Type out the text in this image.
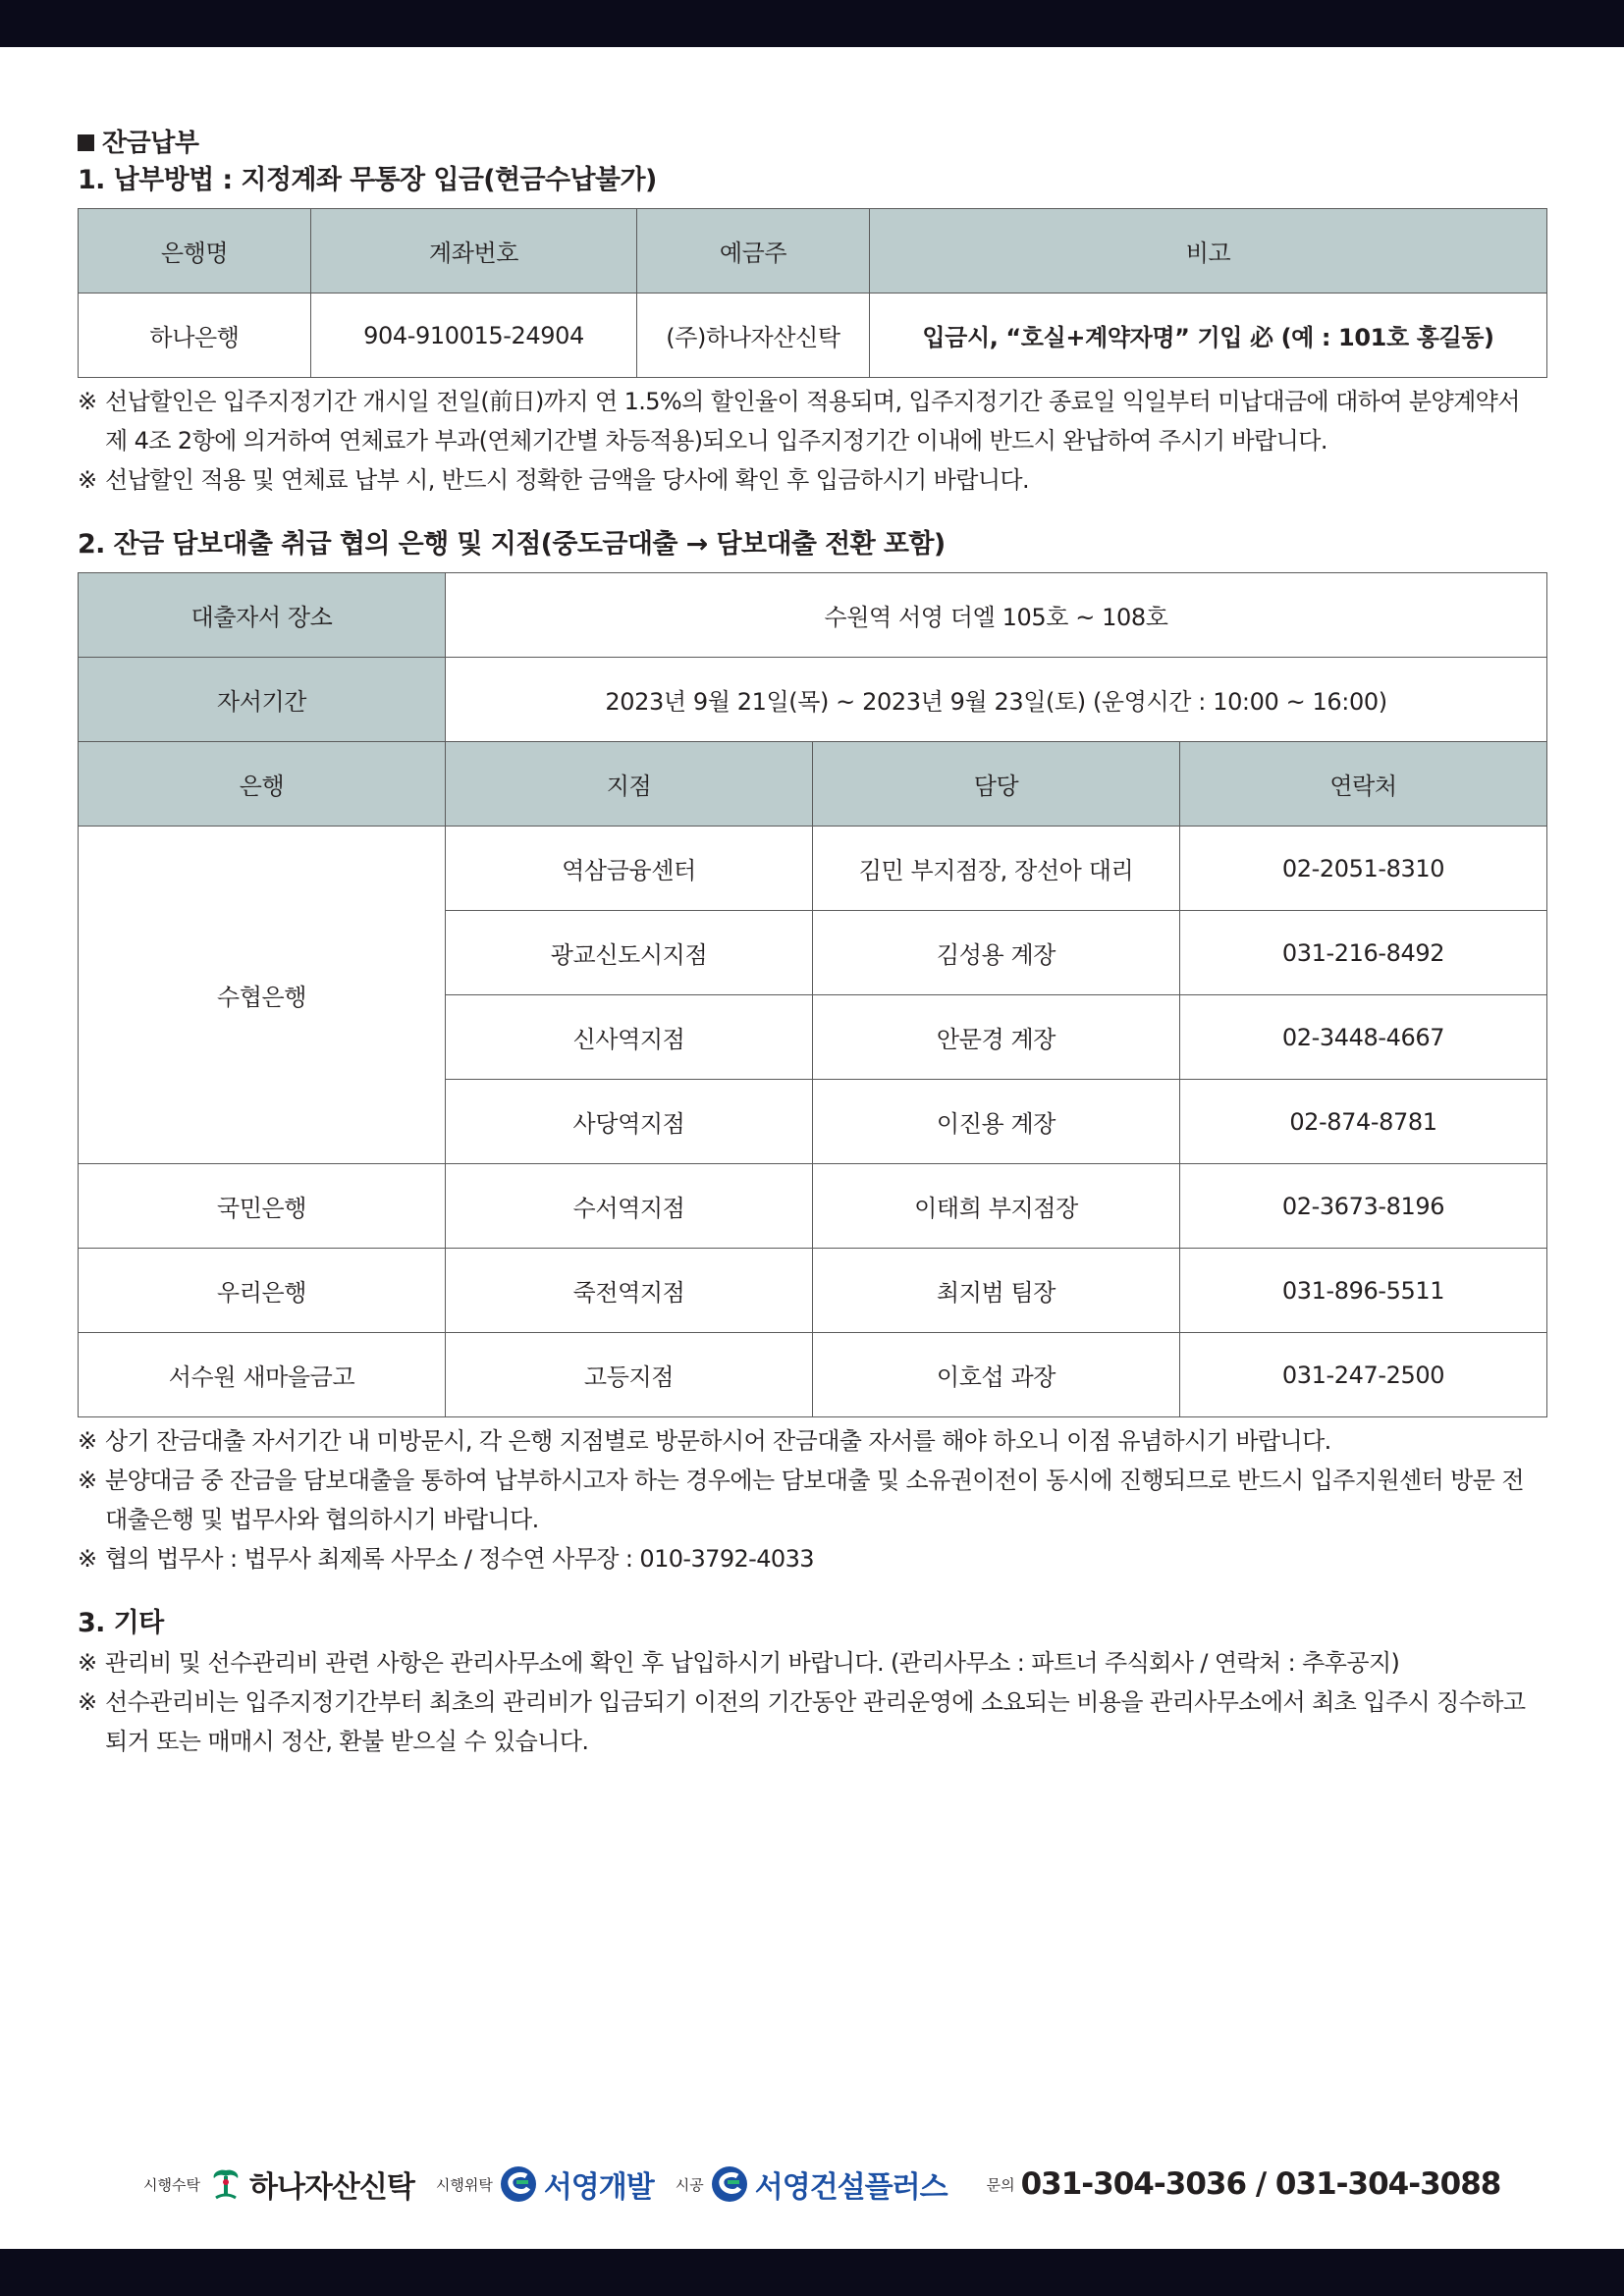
잔금납부
1. 납부방법 : 지정계좌 무통장 입금(현금수납불가)
은행명	계좌번호	예금주	비고
하나은행	904-910015-24904	(주)하나자산신탁	입금시, “호실+계약자명” 기입 必 (예 : 101호 홍길동)
※ 선납할인은 입주지정기간 개시일 전일(前日)까지 연 1.5%의 할인율이 적용되며, 입주지정기간 종료일 익일부터 미납대금에 대하여 분양계약서 제 4조 2항에 의거하여 연체료가 부과(연체기간별 차등적용)되오니 입주지정기간 이내에 반드시 완납하여 주시기 바랍니다.
※ 선납할인 적용 및 연체료 납부 시, 반드시 정확한 금액을 당사에 확인 후 입금하시기 바랍니다.
2. 잔금 담보대출 취급 협의 은행 및 지점(중도금대출 → 담보대출 전환 포함)
대출자서 장소	수원역 서영 더엘 105호 ~ 108호		
자서기간	2023년 9월 21일(목) ~ 2023년 9월 23일(토) (운영시간 : 10:00 ~ 16:00)		
은행	지점	담당	연락처
수협은행	역삼금융센터	김민 부지점장, 장선아 대리	02-2051-8310
	광교신도시지점	김성용 계장	031-216-8492
	신사역지점	안문경 계장	02-3448-4667
	사당역지점	이진용 계장	02-874-8781
국민은행	수서역지점	이태희 부지점장	02-3673-8196
우리은행	죽전역지점	최지범 팀장	031-896-5511
서수원 새마을금고	고등지점	이호섭 과장	031-247-2500
※ 상기 잔금대출 자서기간 내 미방문시, 각 은행 지점별로 방문하시어 잔금대출 자서를 해야 하오니 이점 유념하시기 바랍니다.
※ 분양대금 중 잔금을 담보대출을 통하여 납부하시고자 하는 경우에는 담보대출 및 소유권이전이 동시에 진행되므로 반드시 입주지원센터 방문 전 대출은행 및 법무사와 협의하시기 바랍니다.
※ 협의 법무사 : 법무사 최제록 사무소 / 정수연 사무장 : 010-3792-4033
3. 기타
※ 관리비 및 선수관리비 관련 사항은 관리사무소에 확인 후 납입하시기 바랍니다. (관리사무소 : 파트너 주식회사 / 연락처 : 추후공지)
※ 선수관리비는 입주지정기간부터 최초의 관리비가 입금되기 이전의 기간동안 관리운영에 소요되는 비용을 관리사무소에서 최초 입주시 징수하고 퇴거 또는 매매시 정산, 환불 받으실 수 있습니다.
시행수탁 하나자산신탁 시행위탁 서영개발 시공 서영건설플러스	문의 031-304-3036 / 031-304-3088
